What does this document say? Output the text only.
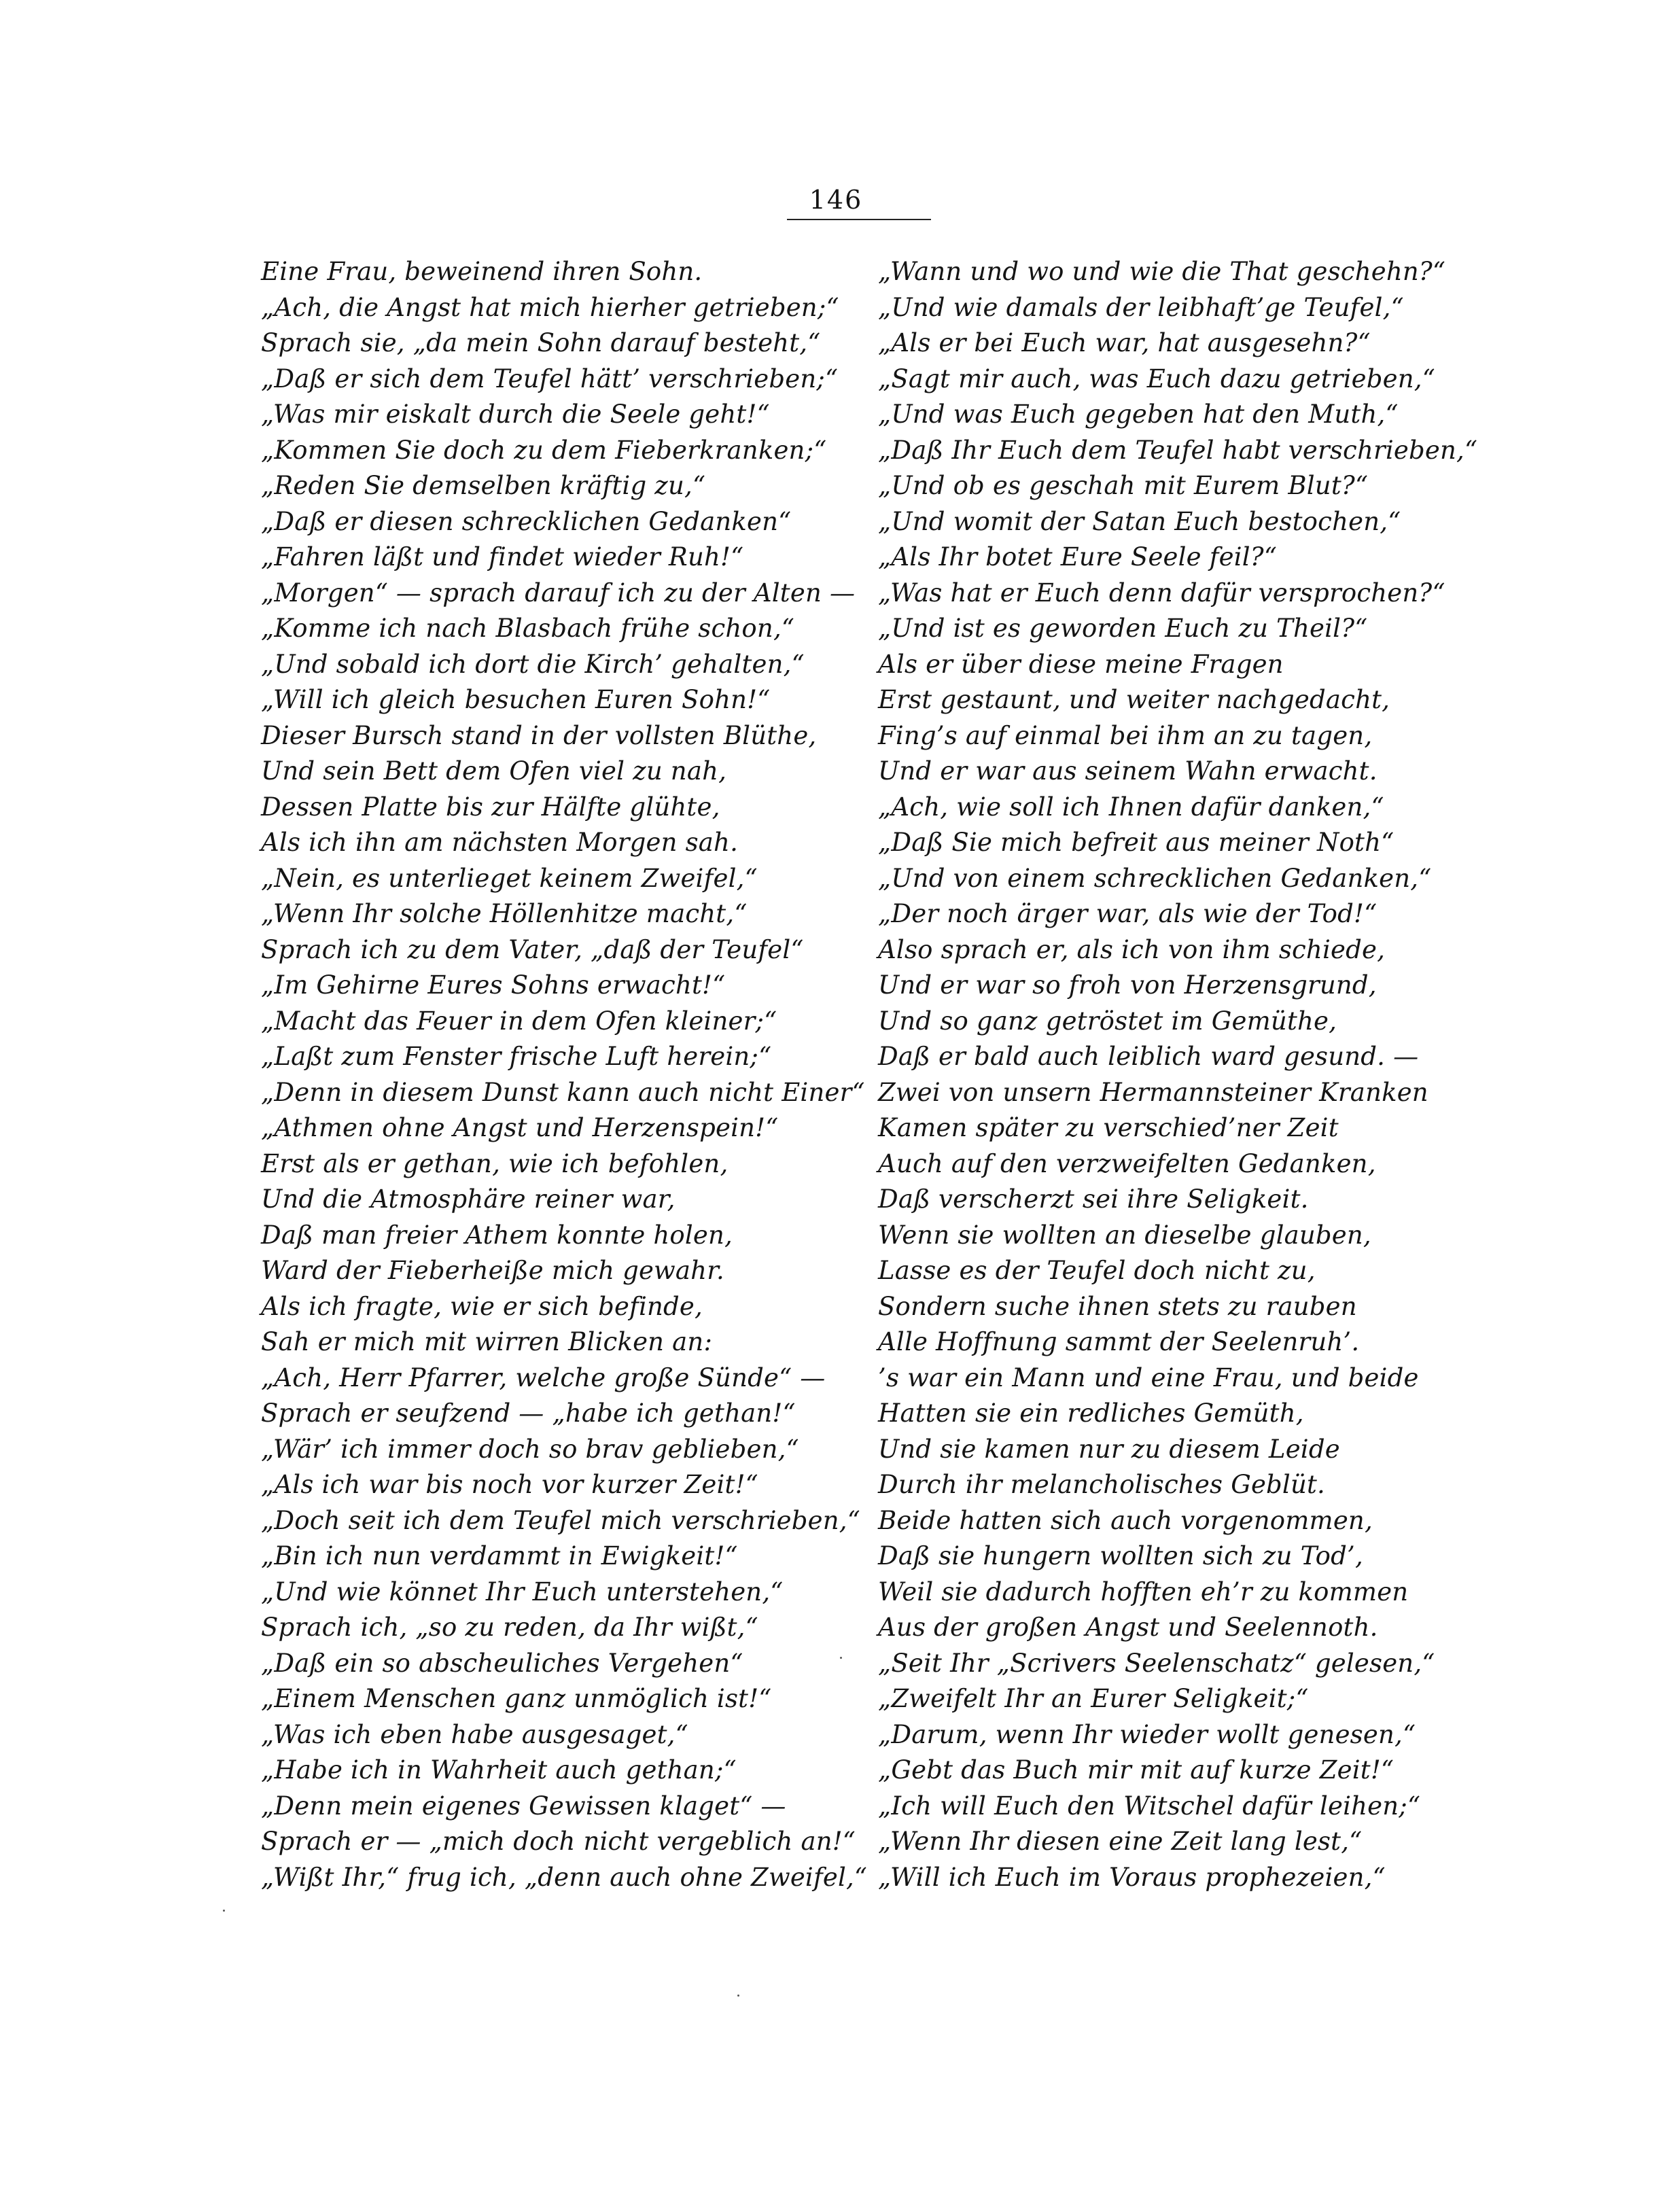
146
Eine Frau, beweinend ihren Sohn.
„Ach, die Angst hat mich hierher getrieben;“
Sprach sie, „da mein Sohn darauf besteht,“
„Daß er sich dem Teufel hätt’ verschrieben;“
„Was mir eiskalt durch die Seele geht!“
„Kommen Sie doch zu dem Fieberkranken;“
„Reden Sie demselben kräftig zu,“
„Daß er diesen schrecklichen Gedanken“
„Fahren läßt und findet wieder Ruh!“
„Morgen“ — sprach darauf ich zu der Alten —
„Komme ich nach Blasbach frühe schon,“
„Und sobald ich dort die Kirch’ gehalten,“
„Will ich gleich besuchen Euren Sohn!“
Dieser Bursch stand in der vollsten Blüthe,
Und sein Bett dem Ofen viel zu nah,
Dessen Platte bis zur Hälfte glühte,
Als ich ihn am nächsten Morgen sah.
„Nein, es unterlieget keinem Zweifel,“
„Wenn Ihr solche Höllenhitze macht,“
Sprach ich zu dem Vater, „daß der Teufel“
„Im Gehirne Eures Sohns erwacht!“
„Macht das Feuer in dem Ofen kleiner;“
„Laßt zum Fenster frische Luft herein;“
„Denn in diesem Dunst kann auch nicht Einer“
„Athmen ohne Angst und Herzenspein!“
Erst als er gethan, wie ich befohlen,
Und die Atmosphäre reiner war,
Daß man freier Athem konnte holen,
Ward der Fieberheiße mich gewahr.
Als ich fragte, wie er sich befinde,
Sah er mich mit wirren Blicken an:
„Ach, Herr Pfarrer, welche große Sünde“ —
Sprach er seufzend — „habe ich gethan!“
„Wär’ ich immer doch so brav geblieben,“
„Als ich war bis noch vor kurzer Zeit!“
„Doch seit ich dem Teufel mich verschrieben,“
„Bin ich nun verdammt in Ewigkeit!“
„Und wie könnet Ihr Euch unterstehen,“
Sprach ich, „so zu reden, da Ihr wißt,“
„Daß ein so abscheuliches Vergehen“
„Einem Menschen ganz unmöglich ist!“
„Was ich eben habe ausgesaget,“
„Habe ich in Wahrheit auch gethan;“
„Denn mein eigenes Gewissen klaget“ —
Sprach er — „mich doch nicht vergeblich an!“
„Wißt Ihr,“ frug ich, „denn auch ohne Zweifel,“
„Wann und wo und wie die That geschehn?“
„Und wie damals der leibhaft’ge Teufel,“
„Als er bei Euch war, hat ausgesehn?“
„Sagt mir auch, was Euch dazu getrieben,“
„Und was Euch gegeben hat den Muth,“
„Daß Ihr Euch dem Teufel habt verschrieben,“
„Und ob es geschah mit Eurem Blut?“
„Und womit der Satan Euch bestochen,“
„Als Ihr botet Eure Seele feil?“
„Was hat er Euch denn dafür versprochen?“
„Und ist es geworden Euch zu Theil?“
Als er über diese meine Fragen
Erst gestaunt, und weiter nachgedacht,
Fing’s auf einmal bei ihm an zu tagen,
Und er war aus seinem Wahn erwacht.
„Ach, wie soll ich Ihnen dafür danken,“
„Daß Sie mich befreit aus meiner Noth“
„Und von einem schrecklichen Gedanken,“
„Der noch ärger war, als wie der Tod!“
Also sprach er, als ich von ihm schiede,
Und er war so froh von Herzensgrund,
Und so ganz getröstet im Gemüthe,
Daß er bald auch leiblich ward gesund. —
Zwei von unsern Hermannsteiner Kranken
Kamen später zu verschied’ner Zeit
Auch auf den verzweifelten Gedanken,
Daß verscherzt sei ihre Seligkeit.
Wenn sie wollten an dieselbe glauben,
Lasse es der Teufel doch nicht zu,
Sondern suche ihnen stets zu rauben
Alle Hoffnung sammt der Seelenruh’.
’s war ein Mann und eine Frau, und beide
Hatten sie ein redliches Gemüth,
Und sie kamen nur zu diesem Leide
Durch ihr melancholisches Geblüt.
Beide hatten sich auch vorgenommen,
Daß sie hungern wollten sich zu Tod’,
Weil sie dadurch hofften eh’r zu kommen
Aus der großen Angst und Seelennoth.
„Seit Ihr „Scrivers Seelenschatz“ gelesen,“
„Zweifelt Ihr an Eurer Seligkeit;“
„Darum, wenn Ihr wieder wollt genesen,“
„Gebt das Buch mir mit auf kurze Zeit!“
„Ich will Euch den Witschel dafür leihen;“
„Wenn Ihr diesen eine Zeit lang lest,“
„Will ich Euch im Voraus prophezeien,“
